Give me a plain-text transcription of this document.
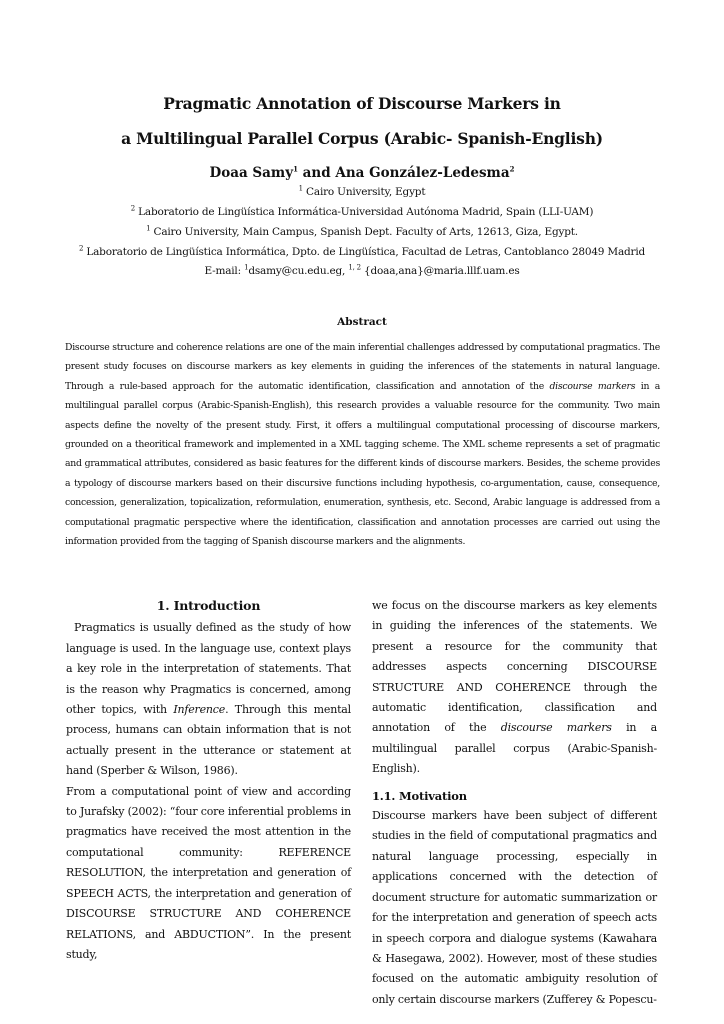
Pragmatic Annotation of Discourse Markers in
a Multilingual Parallel Corpus (Arabic- Spanish-English)
Doaa Samy$^1$ and Ana González-Ledesma$^2$
$^1$ Cairo University, Egypt
$^2$ Laboratorio de Lingüística Informática-Universidad Autónoma Madrid, Spain (LLI-UAM)
$^1$ Cairo University, Main Campus, Spanish Dept. Faculty of Arts, 12613, Giza, Egypt.
$^2$ Laboratorio de Lingüística Informática, Dpto. de Lingüística, Facultad de Letras, Cantoblanco 28049 Madrid
E-mail: $^1$dsamy@cu.edu.eg, $^{1, 2}$ {doaa,ana}@maria.lllf.uam.es
Abstract
Discourse structure and coherence relations are one of the main inferential challenges addressed by computational pragmatics. The present study focuses on discourse markers as key elements in guiding the inferences of the statements in natural language. Through a rule-based approach for the automatic identification, classification and annotation of the discourse markers in a multilingual parallel corpus (Arabic-Spanish-English), this research provides a valuable resource for the community. Two main aspects define the novelty of the present study. First, it offers a multilingual computational processing of discourse markers, grounded on a theoritical framework and implemented in a XML tagging scheme. The XML scheme represents a set of pragmatic and grammatical attributes, considered as basic features for the different kinds of discourse markers. Besides, the scheme provides a typology of discourse markers based on their discursive functions including hypothesis, co-argumentation, cause, consequence, concession, generalization, topicalization, reformulation, enumeration, synthesis, etc. Second, Arabic language is addressed from a computational pragmatic perspective where the identification, classification and annotation processes are carried out using the information provided from the tagging of Spanish discourse markers and the alignments.
1. Introduction

Pragmatics is usually defined as the study of how language is used. In the language use, context plays a key role in the interpretation of statements. That is the reason why Pragmatics is concerned, among other topics, with Inference. Through this mental process, humans can obtain information that is not actually present in the utterance or statement at hand (Sperber & Wilson, 1986).

From a computational point of view and according to Jurafsky (2002): “four core inferential problems in pragmatics have received the most attention in the computational community: REFERENCE RESOLUTION, the interpretation and generation of SPEECH ACTS, the interpretation and generation of DISCOURSE STRUCTURE AND COHERENCE RELATIONS, and ABDUCTION”. In the present study,

we focus on the discourse markers as key elements in guiding the inferences of the statements. We present a resource for the community that addresses aspects concerning DISCOURSE STRUCTURE AND COHERENCE through the automatic identification, classification and annotation of the discourse markers in a multilingual parallel corpus (Arabic-Spanish-English).

1.1. Motivation

Discourse markers have been subject of different studies in the field of computational pragmatics and natural language processing, especially in applications concerned with the detection of document structure for automatic summarization or for the interpretation and generation of speech acts in speech corpora and dialogue systems (Kawahara & Hasegawa, 2002). However, most of these studies focused on the automatic ambiguity resolution of only certain discourse markers (Zufferey & Popescu-
